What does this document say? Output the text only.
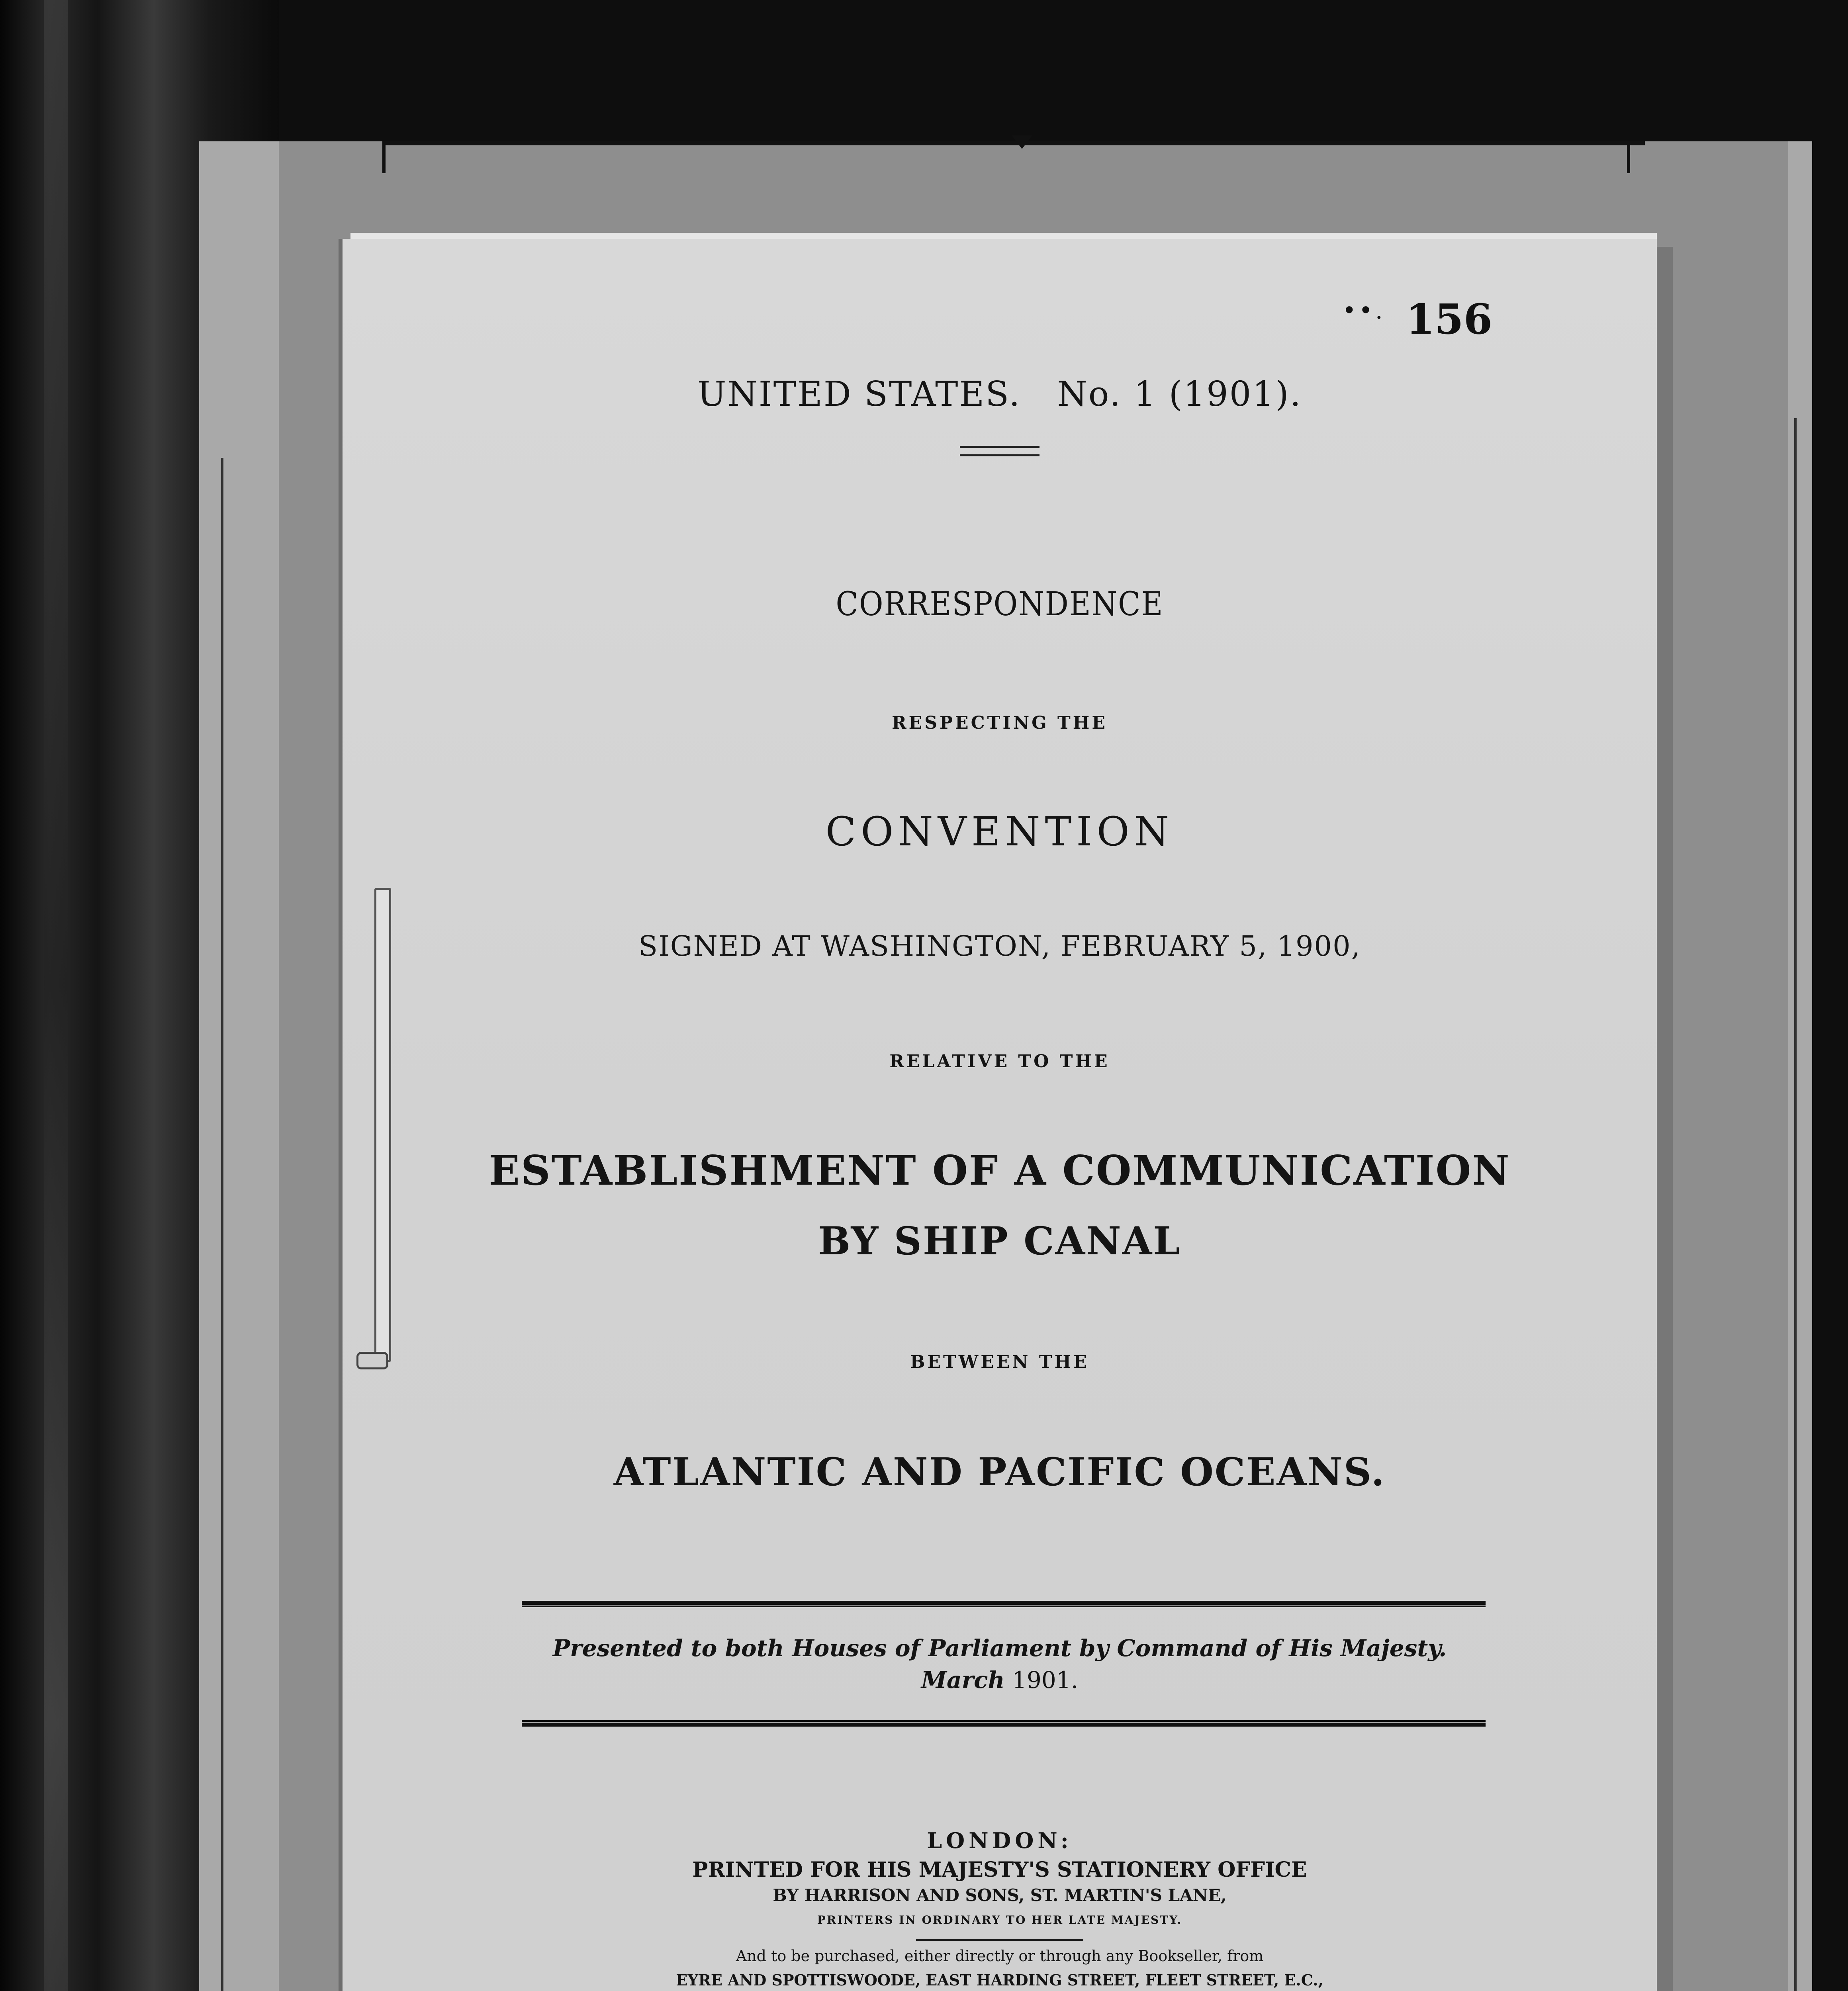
••. 156
UNITED STATES.   No. 1 (1901).
CORRESPONDENCE
RESPECTING THE
CONVENTION
SIGNED AT WASHINGTON, FEBRUARY 5, 1900,
RELATIVE TO THE
ESTABLISHMENT OF A COMMUNICATION
BY SHIP CANAL
BETWEEN THE
ATLANTIC AND PACIFIC OCEANS.
Presented to both Houses of Parliament by Command of His Majesty.
March 1901.
LONDON:
PRINTED FOR HIS MAJESTY'S STATIONERY OFFICE
BY HARRISON AND SONS, ST. MARTIN'S LANE,
PRINTERS IN ORDINARY TO HER LATE MAJESTY.
And to be purchased, either directly or through any Bookseller, from
EYRE AND SPOTTISWOODE, EAST HARDING STREET, FLEET STREET, E.C.,
